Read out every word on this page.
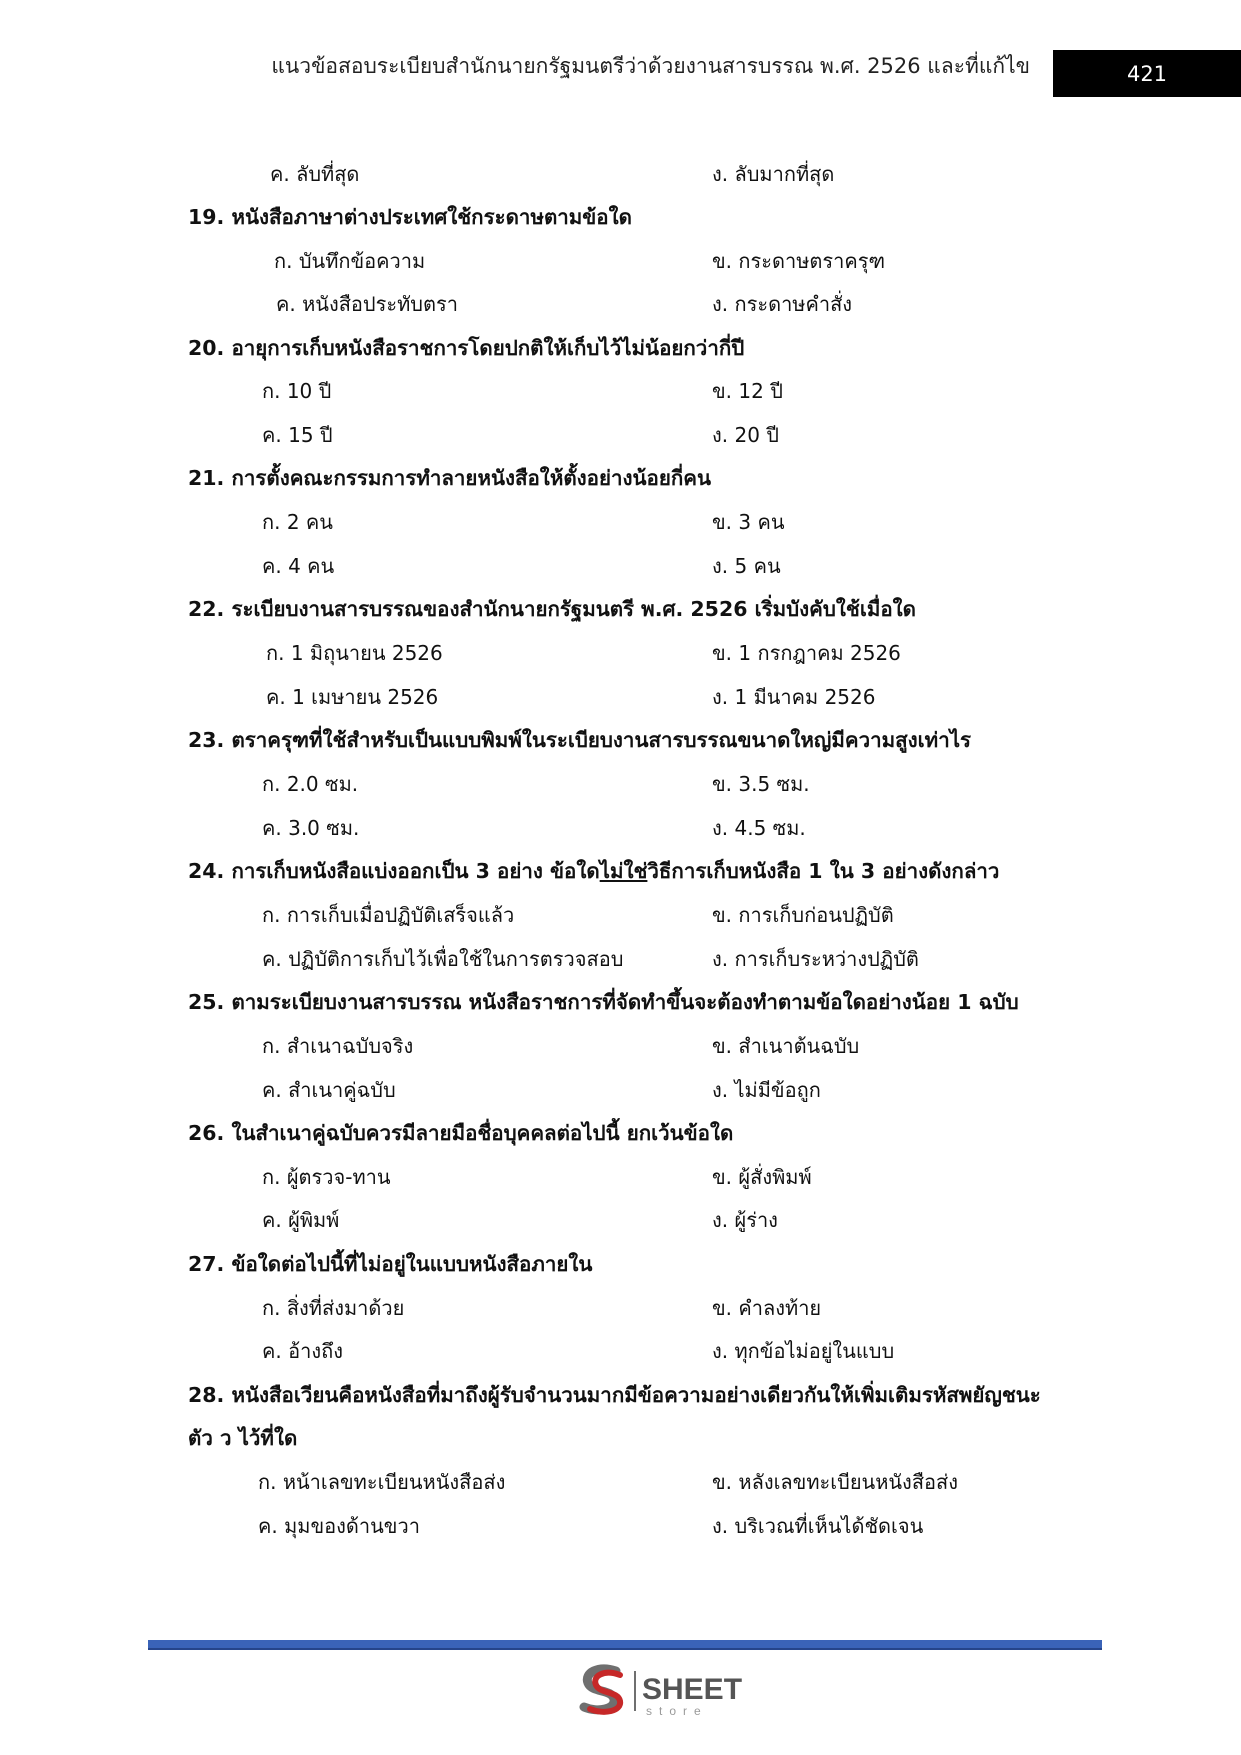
แนวข้อสอบระเบียบสำนักนายกรัฐมนตรีว่าด้วยงานสารบรรณ พ.ศ. 2526 และที่แก้ไข	421
ค. ลับที่สุด	ง. ลับมากที่สุด
19. หนังสือภาษาต่างประเทศใช้กระดาษตามข้อใด
ก. บันทึกข้อความ	ข. กระดาษตราครุฑ
ค. หนังสือประทับตรา	ง. กระดาษคำสั่ง
20. อายุการเก็บหนังสือราชการโดยปกติให้เก็บไว้ไม่น้อยกว่ากี่ปี
ก. 10 ปี	ข. 12 ปี
ค. 15 ปี	ง. 20 ปี
21. การตั้งคณะกรรมการทำลายหนังสือให้ตั้งอย่างน้อยกี่คน
ก. 2 คน	ข. 3 คน
ค. 4 คน	ง. 5 คน
22. ระเบียบงานสารบรรณของสำนักนายกรัฐมนตรี พ.ศ. 2526 เริ่มบังคับใช้เมื่อใด
ก. 1 มิถุนายน 2526	ข. 1 กรกฎาคม 2526
ค. 1 เมษายน 2526	ง. 1 มีนาคม 2526
23. ตราครุฑที่ใช้สำหรับเป็นแบบพิมพ์ในระเบียบงานสารบรรณขนาดใหญ่มีความสูงเท่าไร
ก. 2.0 ซม.	ข. 3.5 ซม.
ค. 3.0 ซม.	ง. 4.5 ซม.
24. การเก็บหนังสือแบ่งออกเป็น 3 อย่าง ข้อใดไม่ใช่วิธีการเก็บหนังสือ 1 ใน 3 อย่างดังกล่าว
ก. การเก็บเมื่อปฏิบัติเสร็จแล้ว	ข. การเก็บก่อนปฏิบัติ
ค. ปฏิบัติการเก็บไว้เพื่อใช้ในการตรวจสอบ	ง. การเก็บระหว่างปฏิบัติ
25. ตามระเบียบงานสารบรรณ หนังสือราชการที่จัดทำขึ้นจะต้องทำตามข้อใดอย่างน้อย 1 ฉบับ
ก. สำเนาฉบับจริง	ข. สำเนาต้นฉบับ
ค. สำเนาคู่ฉบับ	ง. ไม่มีข้อถูก
26. ในสำเนาคู่ฉบับควรมีลายมือชื่อบุคคลต่อไปนี้ ยกเว้นข้อใด
ก. ผู้ตรวจ-ทาน	ข. ผู้สั่งพิมพ์
ค. ผู้พิมพ์	ง. ผู้ร่าง
27. ข้อใดต่อไปนี้ที่ไม่อยู่ในแบบหนังสือภายใน
ก. สิ่งที่ส่งมาด้วย	ข. คำลงท้าย
ค. อ้างถึง	ง. ทุกข้อไม่อยู่ในแบบ
28. หนังสือเวียนคือหนังสือที่มาถึงผู้รับจำนวนมากมีข้อความอย่างเดียวกันให้เพิ่มเติมรหัสพยัญชนะ
ตัว ว ไว้ที่ใด
ก. หน้าเลขทะเบียนหนังสือส่ง	ข. หลังเลขทะเบียนหนังสือส่ง
ค. มุมของด้านขวา	ง. บริเวณที่เห็นได้ชัดเจน
SHEET
store
